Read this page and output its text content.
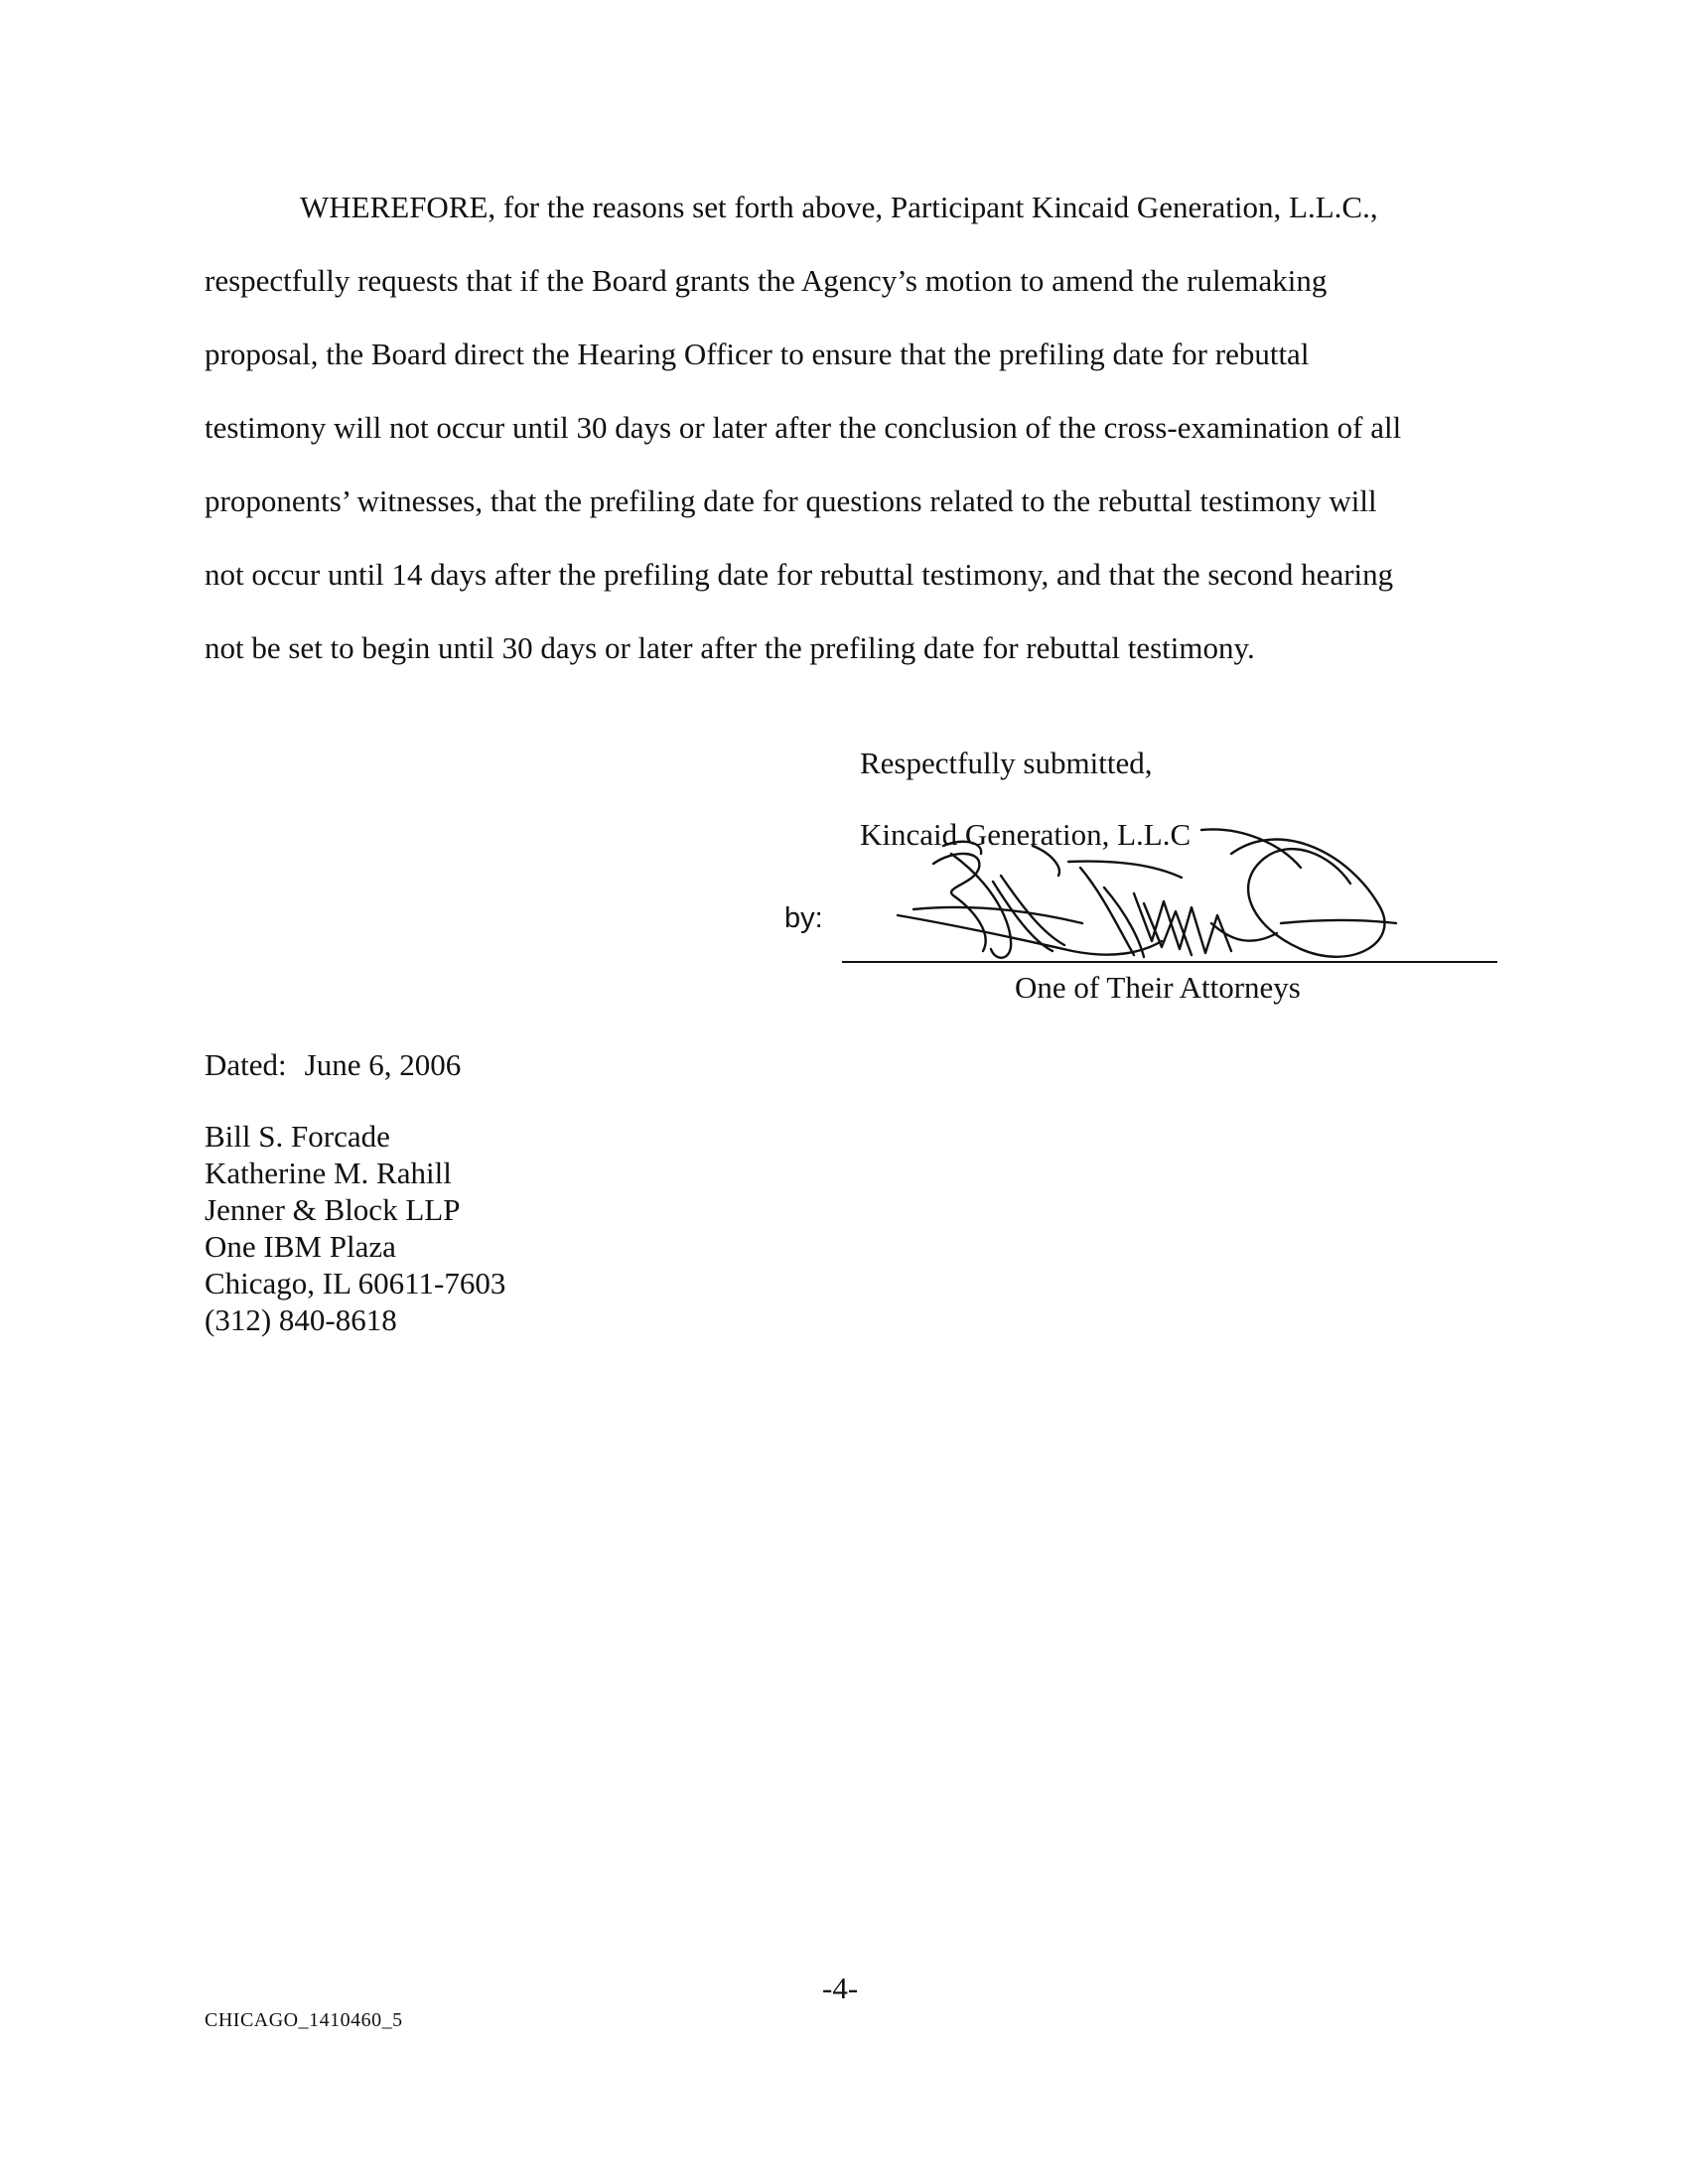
WHEREFORE, for the reasons set forth above, Participant Kincaid Generation, L.L.C.,
respectfully requests that if the Board grants the Agency’s motion to amend the rulemaking
proposal, the Board direct the Hearing Officer to ensure that the prefiling date for rebuttal
testimony will not occur until 30 days or later after the conclusion of the cross-examination of all
proponents’ witnesses, that the prefiling date for questions related to the rebuttal testimony will
not occur until 14 days after the prefiling date for rebuttal testimony, and that the second hearing
not be set to begin until 30 days or later after the prefiling date for rebuttal testimony.
Respectfully submitted,
Kincaid Generation, L.L.C
by:
One of Their Attorneys
Dated: June 6, 2006
Bill S. Forcade
Katherine M. Rahill
Jenner & Block LLP
One IBM Plaza
Chicago, IL 60611-7603
(312) 840-8618
-4-
CHICAGO_1410460_5
